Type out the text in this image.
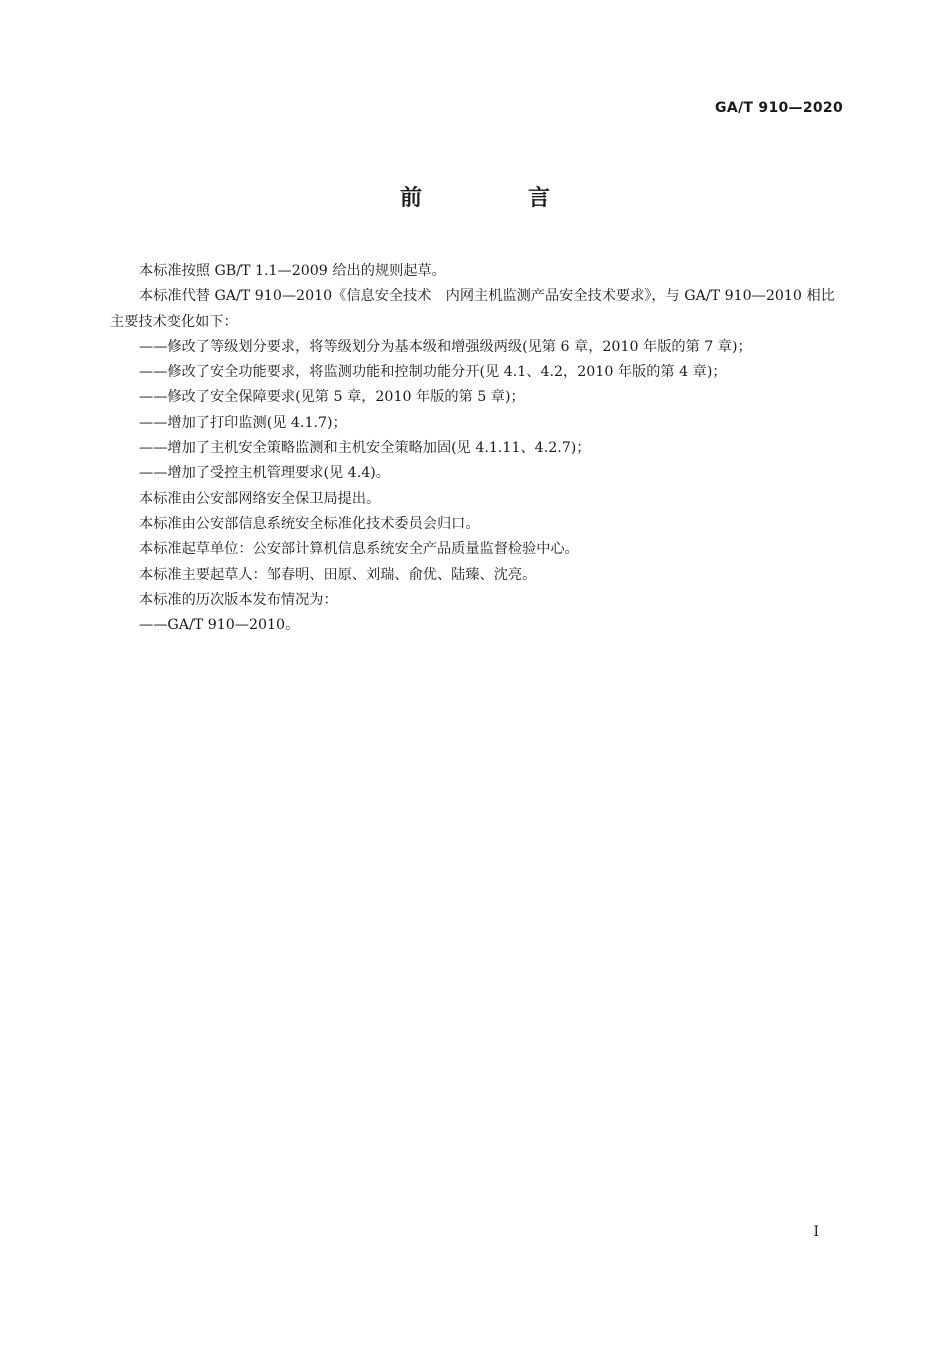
GA/T 910—2020
前　言

本标准按照 GB/T 1.1—2009 给出的规则起草。

本标准代替 GA/T 910—2010《信息安全技术　内网主机监测产品安全技术要求》，与 GA/T 910—2010 相比主要技术变化如下：

——修改了等级划分要求，将等级划分为基本级和增强级两级(见第 6 章，2010 年版的第 7 章)；

——修改了安全功能要求，将监测功能和控制功能分开(见 4.1、4.2，2010 年版的第 4 章)；

——修改了安全保障要求(见第 5 章，2010 年版的第 5 章)；

——增加了打印监测(见 4.1.7)；

——增加了主机安全策略监测和主机安全策略加固(见 4.1.11、4.2.7)；

——增加了受控主机管理要求(见 4.4)。

本标准由公安部网络安全保卫局提出。

本标准由公安部信息系统安全标准化技术委员会归口。

本标准起草单位：公安部计算机信息系统安全产品质量监督检验中心。

本标准主要起草人：邹春明、田原、刘瑞、俞优、陆臻、沈亮。

本标准的历次版本发布情况为：

——GA/T 910—2010。

I
